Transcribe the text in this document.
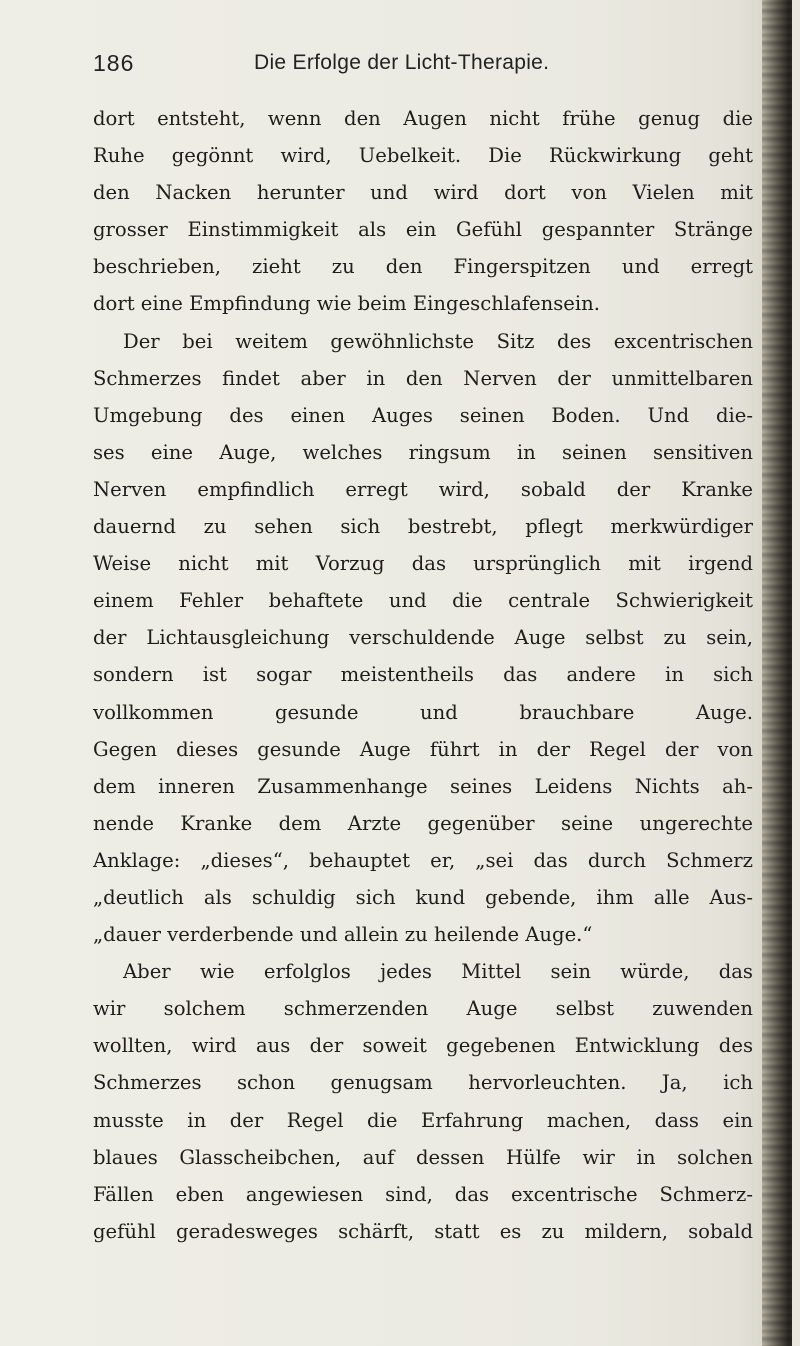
186	Die Erfolge der Licht-Therapie.
dort entsteht, wenn den Augen nicht frühe genug die
Ruhe gegönnt wird, Uebelkeit. Die Rückwirkung geht
den Nacken herunter und wird dort von Vielen mit
grosser Einstimmigkeit als ein Gefühl gespannter Stränge
beschrieben, zieht zu den Fingerspitzen und erregt
dort eine Empfindung wie beim Eingeschlafensein.
Der bei weitem gewöhnlichste Sitz des excentrischen
Schmerzes findet aber in den Nerven der unmittelbaren
Umgebung des einen Auges seinen Boden. Und die-
ses eine Auge, welches ringsum in seinen sensitiven
Nerven empfindlich erregt wird, sobald der Kranke
dauernd zu sehen sich bestrebt, pflegt merkwürdiger
Weise nicht mit Vorzug das ursprünglich mit irgend
einem Fehler behaftete und die centrale Schwierigkeit
der Lichtausgleichung verschuldende Auge selbst zu sein,
sondern ist sogar meistentheils das andere in sich
vollkommen gesunde und brauchbare Auge.
Gegen dieses gesunde Auge führt in der Regel der von
dem inneren Zusammenhange seines Leidens Nichts ah-
nende Kranke dem Arzte gegenüber seine ungerechte
Anklage: „dieses“, behauptet er, „sei das durch Schmerz
„deutlich als schuldig sich kund gebende, ihm alle Aus-
„dauer verderbende und allein zu heilende Auge.“
Aber wie erfolglos jedes Mittel sein würde, das
wir solchem schmerzenden Auge selbst zuwenden
wollten, wird aus der soweit gegebenen Entwicklung des
Schmerzes schon genugsam hervorleuchten. Ja, ich
musste in der Regel die Erfahrung machen, dass ein
blaues Glasscheibchen, auf dessen Hülfe wir in solchen
Fällen eben angewiesen sind, das excentrische Schmerz-
gefühl geradesweges schärft, statt es zu mildern, sobald
